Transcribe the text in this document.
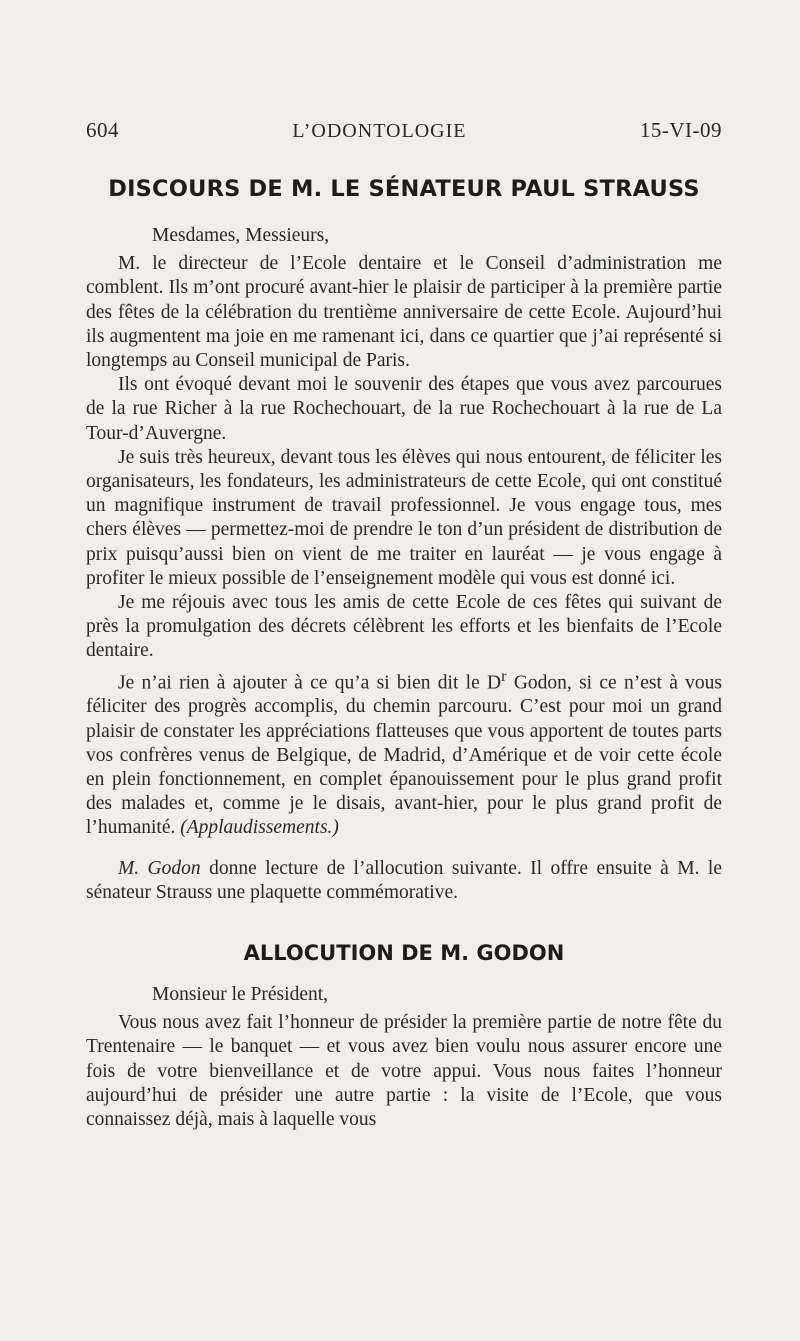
604	L’ODONTOLOGIE	15-VI-09
DISCOURS DE M. LE SÉNATEUR PAUL STRAUSS
Mesdames, Messieurs,

M. le directeur de l’Ecole dentaire et le Conseil d’administration me comblent. Ils m’ont procuré avant-hier le plaisir de participer à la première partie des fêtes de la célébration du trentième anniversaire de cette Ecole. Aujourd’hui ils augmentent ma joie en me ramenant ici, dans ce quartier que j’ai représenté si longtemps au Conseil municipal de Paris.

Ils ont évoqué devant moi le souvenir des étapes que vous avez parcourues de la rue Richer à la rue Rochechouart, de la rue Rochechouart à la rue de La Tour-d’Auvergne.

Je suis très heureux, devant tous les élèves qui nous entourent, de féliciter les organisateurs, les fondateurs, les administrateurs de cette Ecole, qui ont constitué un magnifique instrument de travail professionnel. Je vous engage tous, mes chers élèves — permettez-moi de prendre le ton d’un président de distribution de prix puisqu’aussi bien on vient de me traiter en lauréat — je vous engage à profiter le mieux possible de l’enseignement modèle qui vous est donné ici.

Je me réjouis avec tous les amis de cette Ecole de ces fêtes qui suivant de près la promulgation des décrets célèbrent les efforts et les bienfaits de l’Ecole dentaire.

Je n’ai rien à ajouter à ce qu’a si bien dit le $D^r$ Godon, si ce n’est à vous féliciter des progrès accomplis, du chemin parcouru. C’est pour moi un grand plaisir de constater les appréciations flatteuses que vous apportent de toutes parts vos confrères venus de Belgique, de Madrid, d’Amérique et de voir cette école en plein fonctionnement, en complet épanouissement pour le plus grand profit des malades et, comme je le disais, avant-hier, pour le plus grand profit de l’humanité. (Applaudissements.)

M. Godon donne lecture de l’allocution suivante. Il offre ensuite à M. le sénateur Strauss une plaquette commémorative.

ALLOCUTION DE M. GODON
Monsieur le Président,

Vous nous avez fait l’honneur de présider la première partie de notre fête du Trentenaire — le banquet — et vous avez bien voulu nous assurer encore une fois de votre bienveillance et de votre appui. Vous nous faites l’honneur aujourd’hui de présider une autre partie : la visite de l’Ecole, que vous connaissez déjà, mais à laquelle vous
